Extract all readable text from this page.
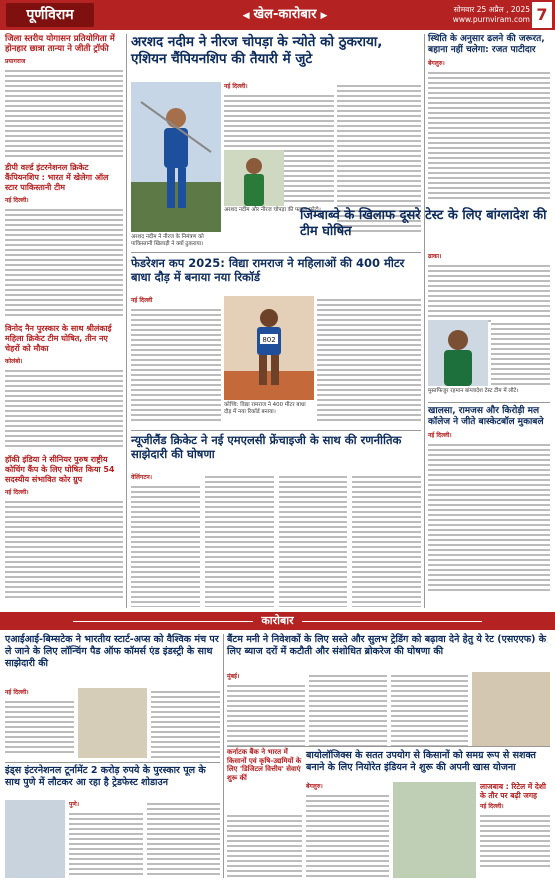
पूर्णविराम
◀	खेल-कारोबार ▶	सोमवार 25 अप्रैल , 2025
www.purnviram.com 7
जिला स्तरीय योगासन प्रतियोगिता में होनहार छात्रा तान्या ने जीती ट्रॉफी
प्रयागराज
डीपी वर्ल्ड इंटरनेशनल क्रिकेट कैंपियनशिप : भारत में खेलेगा ऑल स्टार पाकिस्तानी टीम
नई दिल्ली।
विनोद नैन पुरस्कार के साथ श्रीलंकाई महिला क्रिकेट टीम घोषित, तीन नए चेहरों को मौका
कोलंबो।
हॉकी इंडिया ने सीनियर पुरुष राष्ट्रीय कोचिंग कैंप के लिए घोषित किया 54 सदस्यीय संभावित कोर ग्रुप
नई दिल्ली।
अरशद नदीम ने नीरज चोपड़ा के न्योते को ठुकराया, एशियन चैंपियनशिप की तैयारी में जुटे
नई दिल्ली।
अरशद नदीम और नीरज चोपड़ा की फाइल फोटो।
अरशद नदीम ने नीरज के निमंत्रण को पाकिस्तानी खिलाड़ी ने क्यों ठुकराया।
फेडरेशन कप 2025: विद्या रामराज ने महिलाओं की 400 मीटर बाधा दौड़ में बनाया नया रिकॉर्ड
नई दिल्ली
802
कोच्चि: विद्या रामराज ने 400 मीटर बाधा दौड़ में नया रिकॉर्ड बनाया।
न्यूजीलैंड क्रिकेट ने नई एमएलसी फ्रेंचाइजी के साथ की रणनीतिक साझेदारी की घोषणा
वेलिंगटन।
स्थिति के अनुसार ढलने की जरूरत, बहाना नहीं चलेगा: रजत पाटीदार
बेंगलुरु।
जिम्बाब्वे के खिलाफ दूसरे टेस्ट के लिए बांग्लादेश की टीम घोषित
ढाका।
मुस्तफिजुर रहमान बांग्लादेश टेस्ट टीम में लौटे।
खालसा, रामजस और किरोड़ी मल कॉलेज ने जीते बास्केटबॉल मुकाबले
नई दिल्ली।
कारोबार
एआईआई-बिम्सटेक ने भारतीय स्टार्ट-अप्स को वैश्विक मंच पर ले जाने के लिए लॉन्चिंग पैड ऑफ कॉमर्स एंड इंडस्ट्री के साथ साझेदारी की
नई दिल्ली।
इंड्स इंटरनेशनल टूर्नामेंट 2 करोड़ रुपये के पुरस्कार पूल के साथ पुणे में लौटकर आ रहा है ट्रेडफेस्ट शोडाउन
पुणे।
बैंटम मनी ने निवेशकों के लिए सस्ते और सुलभ ट्रेडिंग को बढ़ावा देने हेतु ये रेट (एसएएफ) के लिए ब्याज दरों में कटौती और संशोधित ब्रोकरेज की घोषणा की
मुंबई।
कर्नाटक बैंक ने भारत में किसानों एवं कृषि-उद्यमियों के लिए 'डिजिटल वित्तीय' सेवाएं शुरू कीं
बायोलॉजिक्स के सतत उपयोग से किसानों को समग्र रूप से सशक्त बनाने के लिए नियोरेत इंडियन ने शुरू की अपनी खास योजना
बेंगलुरु।	लाजबाब : रिटेल में देशी के तौर पर बढ़ी जगह
नई दिल्ली।
